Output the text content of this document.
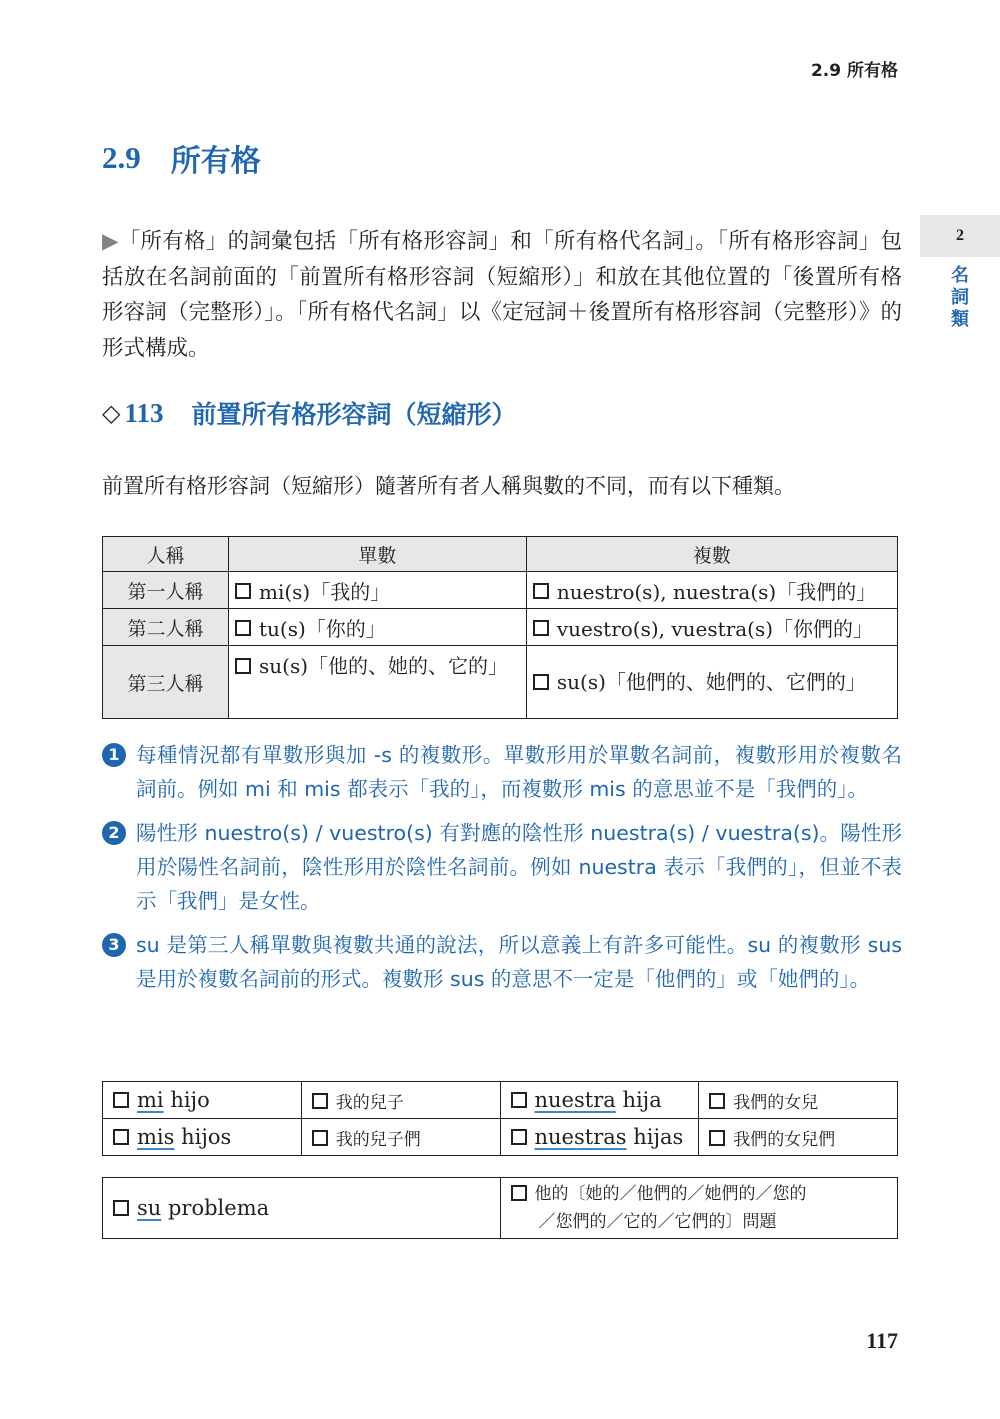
2.9 所有格
2
名詞類
2.9 所有格

▶「所有格」的詞彙包括「所有格形容詞」和「所有格代名詞」。「所有格形容詞」包括放在名詞前面的「前置所有格形容詞（短縮形）」和放在其他位置的「後置所有格形容詞（完整形）」。「所有格代名詞」以《定冠詞＋後置所有格形容詞（完整形）》的形式構成。

◇ 113 前置所有格形容詞（短縮形）
前置所有格形容詞（短縮形）隨著所有者人稱與數的不同，而有以下種類。
人稱	單數	複數
第一人稱	mi(s)「我的」	nuestro(s), nuestra(s)「我們的」
第二人稱	tu(s)「你的」	vuestro(s), vuestra(s)「你們的」
第三人稱	su(s)「他的、她的、它的」	su(s)「他們的、她們的、它們的」

1 每種情況都有單數形與加 -s 的複數形。單數形用於單數名詞前，複數形用於複數名詞前。例如 mi 和 mis 都表示「我的」，而複數形 mis 的意思並不是「我們的」。

2 陽性形 nuestro(s) / vuestro(s) 有對應的陰性形 nuestra(s) / vuestra(s)。陽性形用於陽性名詞前，陰性形用於陰性名詞前。例如 nuestra 表示「我們的」，但並不表示「我們」是女性。

3 su 是第三人稱單數與複數共通的說法，所以意義上有許多可能性。su 的複數形 sus 是用於複數名詞前的形式。複數形 sus 的意思不一定是「他們的」或「她們的」。

mi hijo	我的兒子	nuestra hija	我們的女兒
mis hijos	我的兒子們	nuestras hijas	我們的女兒們
su problema	他的〔她的／他們的／她們的／您的
／您們的／它的／它們的〕問題
117
